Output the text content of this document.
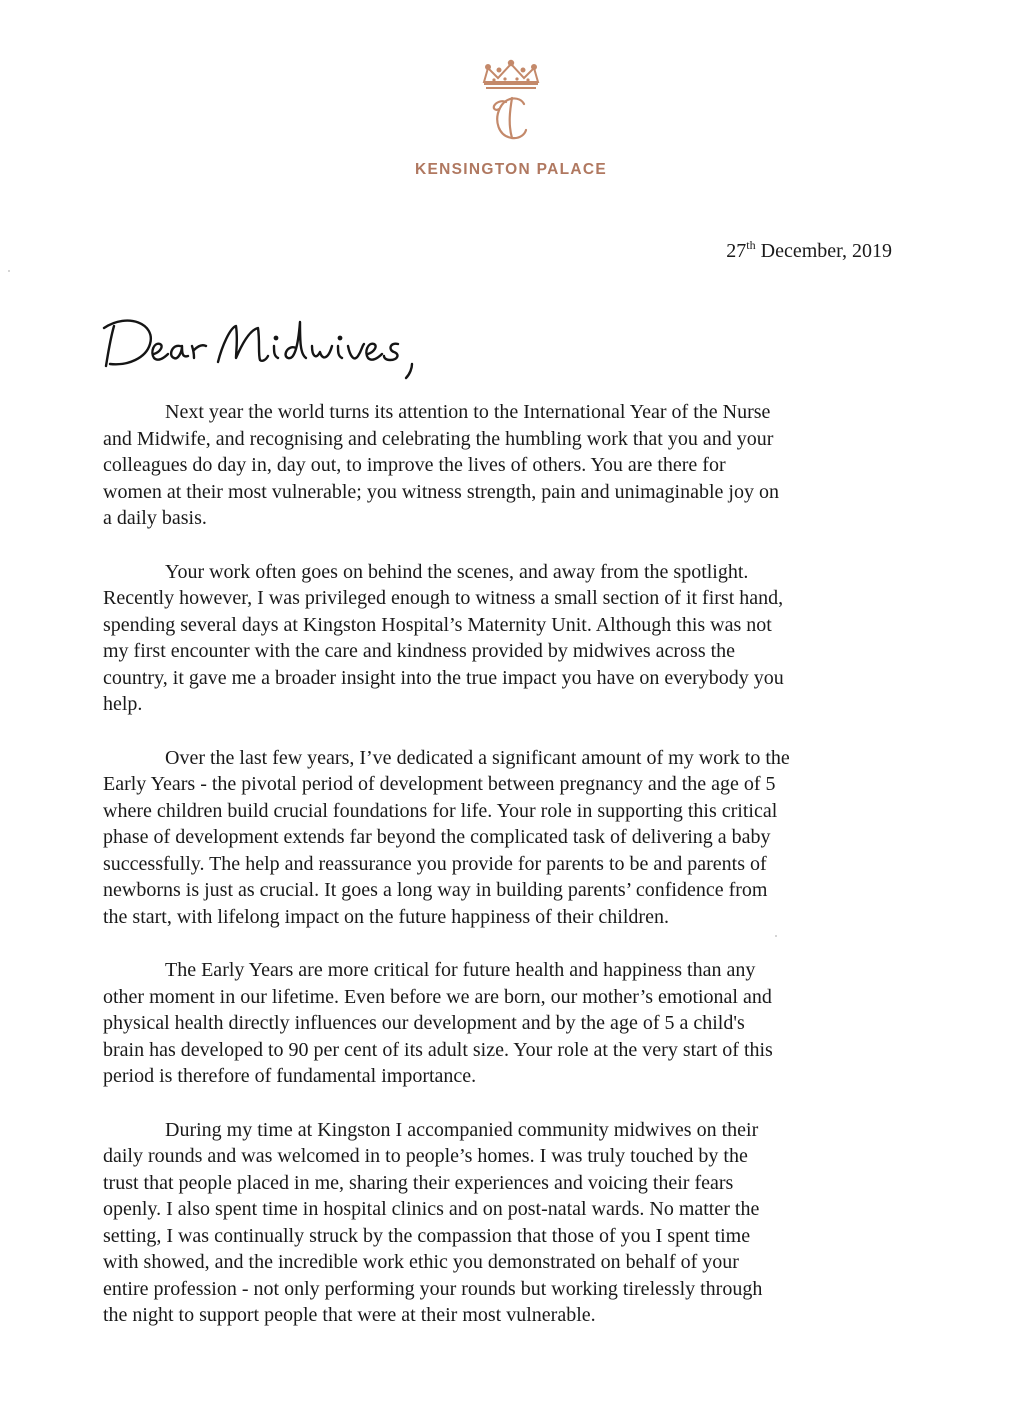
KENSINGTON PALACE
27th December, 2019

Next year the world turns its attention to the International Year of the Nurse
and Midwife, and recognising and celebrating the humbling work that you and your
colleagues do day in, day out, to improve the lives of others. You are there for
women at their most vulnerable; you witness strength, pain and unimaginable joy on
a daily basis.

Your work often goes on behind the scenes, and away from the spotlight.
Recently however, I was privileged enough to witness a small section of it first hand,
spending several days at Kingston Hospital’s Maternity Unit. Although this was not
my first encounter with the care and kindness provided by midwives across the
country, it gave me a broader insight into the true impact you have on everybody you
help.

Over the last few years, I’ve dedicated a significant amount of my work to the
Early Years - the pivotal period of development between pregnancy and the age of 5
where children build crucial foundations for life. Your role in supporting this critical
phase of development extends far beyond the complicated task of delivering a baby
successfully. The help and reassurance you provide for parents to be and parents of
newborns is just as crucial. It goes a long way in building parents’ confidence from
the start, with lifelong impact on the future happiness of their children.

The Early Years are more critical for future health and happiness than any
other moment in our lifetime. Even before we are born, our mother’s emotional and
physical health directly influences our development and by the age of 5 a child's
brain has developed to 90 per cent of its adult size. Your role at the very start of this
period is therefore of fundamental importance.

During my time at Kingston I accompanied community midwives on their
daily rounds and was welcomed in to people’s homes. I was truly touched by the
trust that people placed in me, sharing their experiences and voicing their fears
openly. I also spent time in hospital clinics and on post-natal wards. No matter the
setting, I was continually struck by the compassion that those of you I spent time
with showed, and the incredible work ethic you demonstrated on behalf of your
entire profession - not only performing your rounds but working tirelessly through
the night to support people that were at their most vulnerable.
